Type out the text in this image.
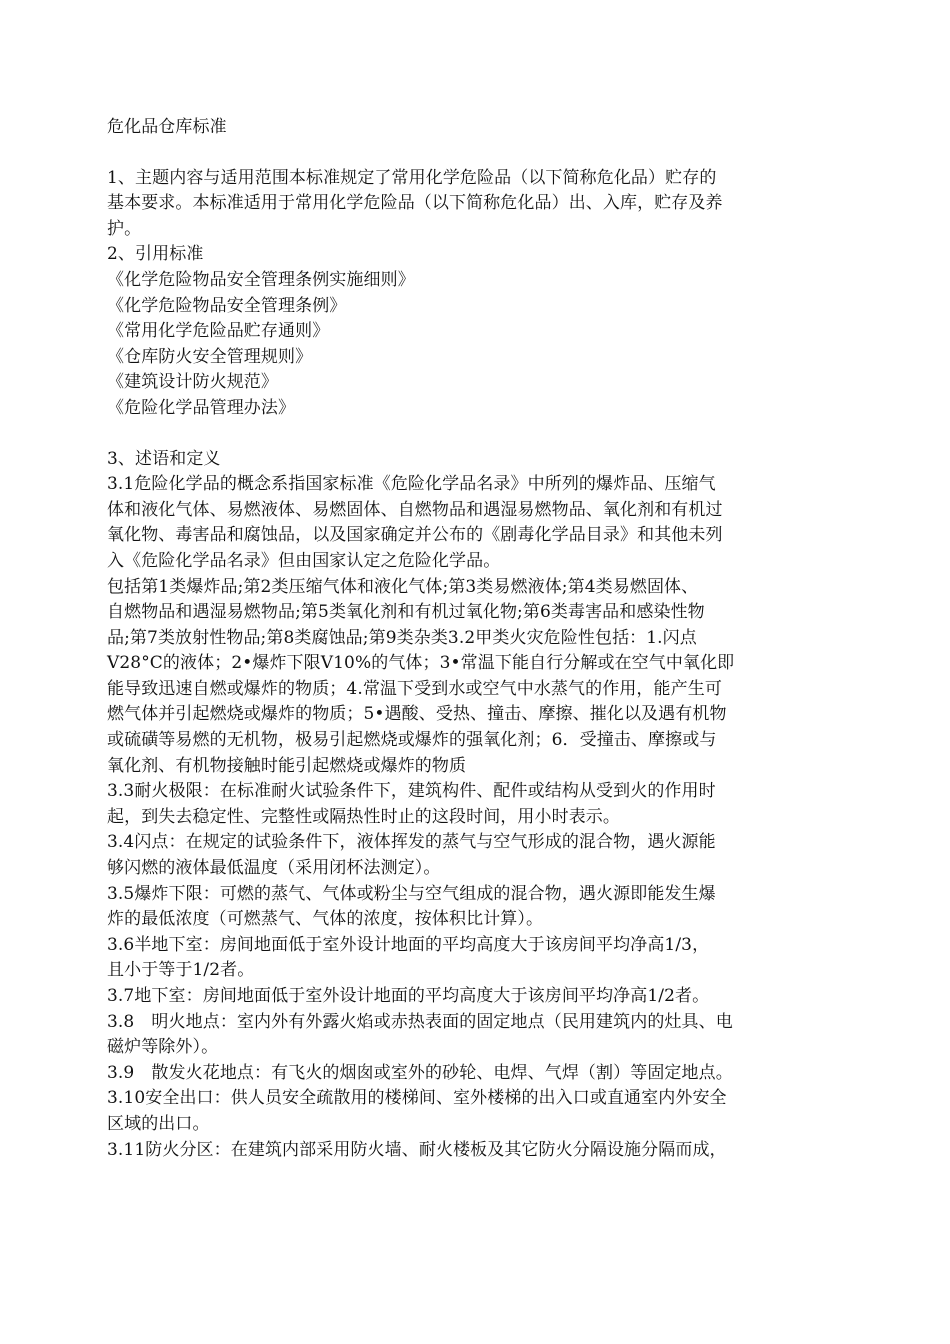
危化品仓库标准
1、主题内容与适用范围本标准规定了常用化学危险品（以下简称危化品）贮存的
基本要求。本标准适用于常用化学危险品（以下简称危化品）出、入库，贮存及养
护。
2、引用标准
《化学危险物品安全管理条例实施细则》
《化学危险物品安全管理条例》
《常用化学危险品贮存通则》
《仓库防火安全管理规则》
《建筑设计防火规范》
《危险化学品管理办法》
3、述语和定义
3.1危险化学品的概念系指国家标准《危险化学品名录》中所列的爆炸品、压缩气
体和液化气体、易燃液体、易燃固体、自燃物品和遇湿易燃物品、氧化剂和有机过
氧化物、毒害品和腐蚀品，以及国家确定并公布的《剧毒化学品目录》和其他未列
入《危险化学品名录》但由国家认定之危险化学品。
包括第1类爆炸品;第2类压缩气体和液化气体;第3类易燃液体;第4类易燃固体、
自燃物品和遇湿易燃物品;第5类氧化剂和有机过氧化物;第6类毒害品和感染性物
品;第7类放射性物品;第8类腐蚀品;第9类杂类3.2甲类火灾危险性包括：1.闪点
V28°C的液体；2•爆炸下限V10%的气体；3•常温下能自行分解或在空气中氧化即
能导致迅速自燃或爆炸的物质；4.常温下受到水或空气中水蒸气的作用，能产生可
燃气体并引起燃烧或爆炸的物质；5•遇酸、受热、撞击、摩擦、摧化以及遇有机物
或硫磺等易燃的无机物，极易引起燃烧或爆炸的强氧化剂；6．受撞击、摩擦或与
氧化剂、有机物接触时能引起燃烧或爆炸的物质
3.3耐火极限：在标准耐火试验条件下，建筑构件、配件或结构从受到火的作用时
起，到失去稳定性、完整性或隔热性时止的这段时间，用小时表示。
3.4闪点：在规定的试验条件下，液体挥发的蒸气与空气形成的混合物，遇火源能
够闪燃的液体最低温度（采用闭杯法测定）。
3.5爆炸下限：可燃的蒸气、气体或粉尘与空气组成的混合物，遇火源即能发生爆
炸的最低浓度（可燃蒸气、气体的浓度，按体积比计算）。
3.6半地下室：房间地面低于室外设计地面的平均高度大于该房间平均净高1/3，
且小于等于1/2者。
3.7地下室：房间地面低于室外设计地面的平均高度大于该房间平均净高1/2者。
3.8　明火地点：室内外有外露火焰或赤热表面的固定地点（民用建筑内的灶具、电
磁炉等除外）。
3.9　散发火花地点：有飞火的烟囱或室外的砂轮、电焊、气焊（割）等固定地点。
3.10安全出口：供人员安全疏散用的楼梯间、室外楼梯的出入口或直通室内外安全
区域的出口。
3.11防火分区：在建筑内部采用防火墙、耐火楼板及其它防火分隔设施分隔而成，
